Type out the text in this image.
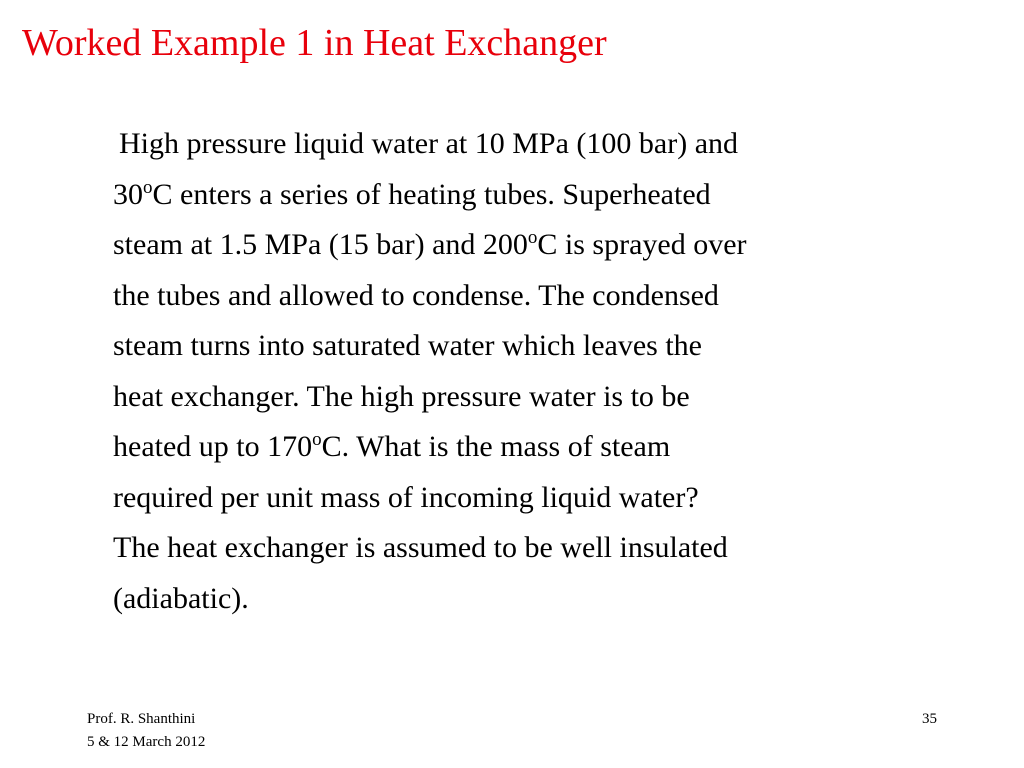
Worked Example 1 in Heat Exchanger
High pressure liquid water at 10 MPa (100 bar) and
30$^o$C enters a series of heating tubes. Superheated
steam at 1.5 MPa (15 bar) and 200$^o$C is sprayed over
the tubes and allowed to condense. The condensed
steam turns into saturated water which leaves the
heat exchanger. The high pressure water is to be
heated up to 170$^o$C. What is the mass of steam
required per unit mass of incoming liquid water?
The heat exchanger is assumed to be well insulated
(adiabatic).
Prof. R. Shanthini
5 & 12 March 2012
35
